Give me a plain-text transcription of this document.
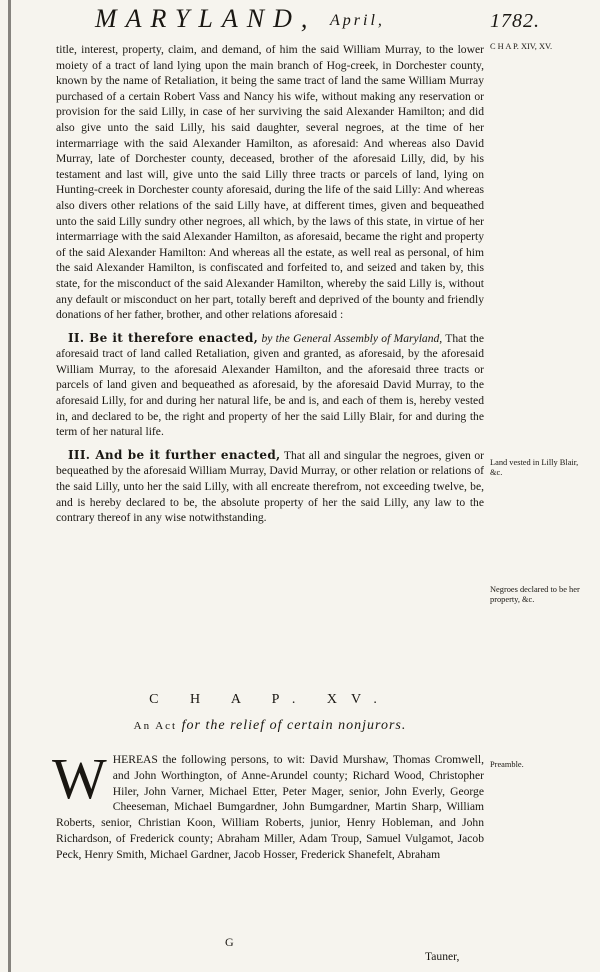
MARYLAND, April,	1782.
C H A P. XIV, XV.

title, interest, property, claim, and demand, of him the said William Murray, to the lower moiety of a tract of land lying upon the main branch of Hog-creek, in Dorchester county, known by the name of Retaliation, it being the same tract of land the same William Murray purchased of a certain Robert Vass and Nancy his wife, without making any reservation or provision for the said Lilly, in case of her surviving the said Alexander Hamilton; and did also give unto the said Lilly, his said daughter, several negroes, at the time of her intermarriage with the said Alexander Hamilton, as aforesaid: And whereas also David Murray, late of Dorchester county, deceased, brother of the aforesaid Lilly, did, by his testament and last will, give unto the said Lilly three tracts or parcels of land, lying on Hunting-creek in Dorchester county aforesaid, during the life of the said Lilly: And whereas also divers other relations of the said Lilly have, at different times, given and bequeathed unto the said Lilly sundry other negroes, all which, by the laws of this state, in virtue of her intermarriage with the said Alexander Hamilton, as aforesaid, became the right and property of the said Alexander Hamilton: And whereas all the estate, as well real as personal, of him the said Alexander Hamilton, is confiscated and forfeited to, and seized and taken by, this state, for the misconduct of the said Alexander Hamilton, whereby the said Lilly is, without any default or misconduct on her part, totally bereft and deprived of the bounty and friendly donations of her father, brother, and other relations aforesaid :

II. Be it therefore enacted, by the General Assembly of Maryland, That the aforesaid tract of land called Retaliation, given and granted, as aforesaid, by the aforesaid William Murray, to the aforesaid Alexander Hamilton, and the aforesaid three tracts or parcels of land given and bequeathed as aforesaid, by the aforesaid David Murray, to the aforesaid Lilly, for and during her natural life, be and is, and each of them is, hereby vested in, and declared to be, the right and property of her the said Lilly Blair, for and during the term of her natural life.

III. And be it further enacted, That all and singular the negroes, given or bequeathed by the aforesaid William Murray, David Murray, or other relation or relations of the said Lilly, unto her the said Lilly, with all encreate therefrom, not exceeding twelve, be, and is hereby declared to be, the absolute property of her the said Lilly, any law to the contrary thereof in any wise notwithstanding.

Land vested in Lilly Blair, &c.
Negroes declared to be her property, &c.
C H A P. XV.
An Act for the relief of certain nonjurors.
Preamble.
W HEREAS the following persons, to wit: David Murshaw, Thomas Cromwell, and John Worthington, of Anne-Arundel county; Richard Wood, Christopher Hiler, John Varner, Michael Etter, Peter Mager, senior, John Everly, George Cheeseman, Michael Bumgardner, John Bumgardner, Martin Sharp, William Roberts, senior, Christian Koon, William Roberts, junior, Henry Hobleman, and John Richardson, of Frederick county; Abraham Miller, Adam Troup, Samuel Vulgamot, Jacob Peck, Henry Smith, Michael Gardner, Jacob Hosser, Frederick Shanefelt, Abraham
G
Tauner,
